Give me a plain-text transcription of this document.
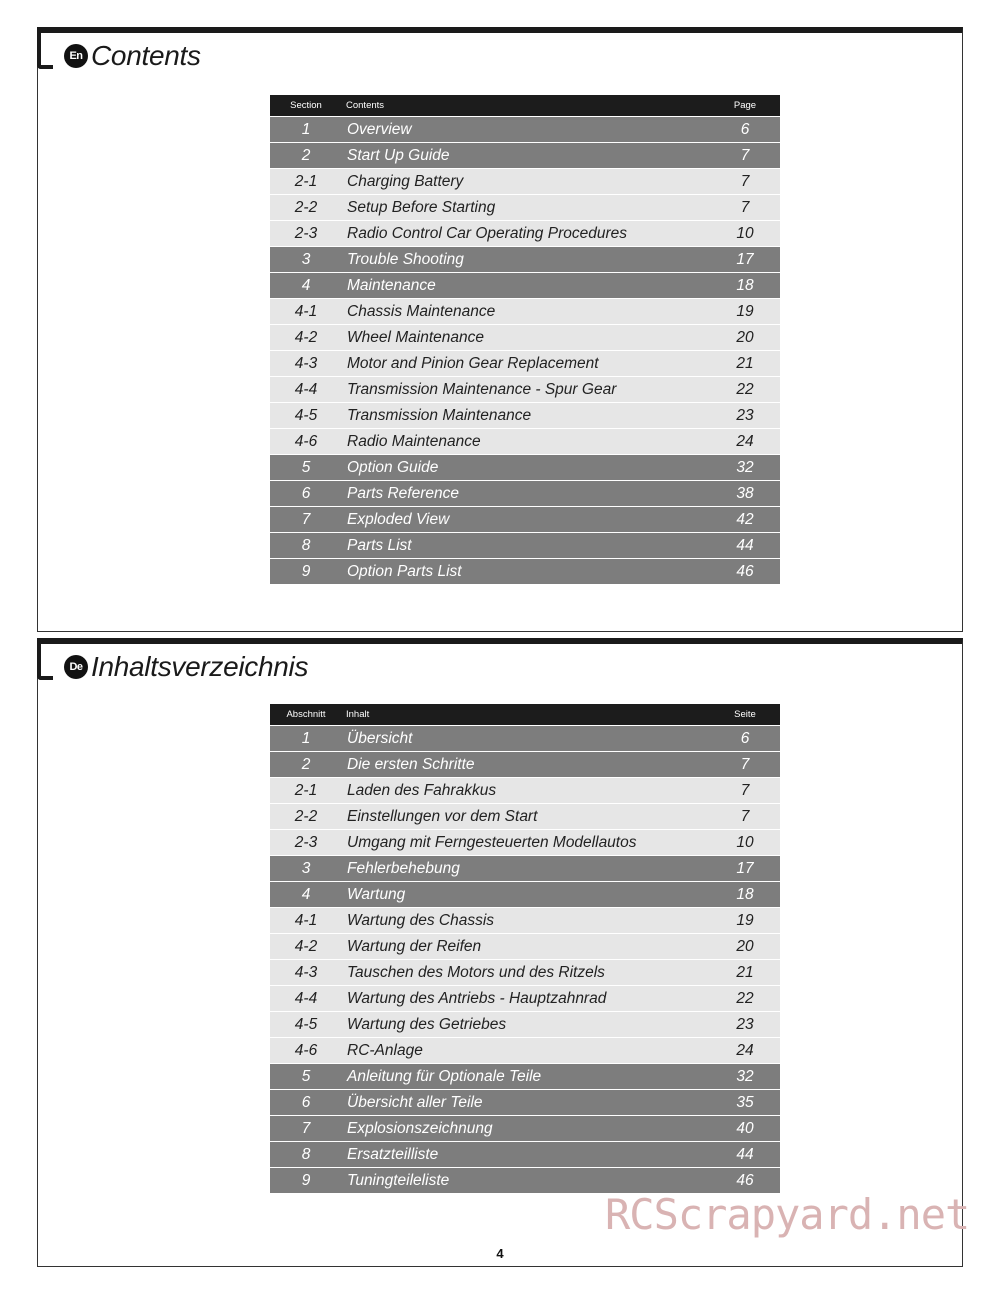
En Contents
Section	Contents	Page
1	Overview	6
2	Start Up Guide	7
2-1	Charging Battery	7
2-2	Setup Before Starting	7
2-3	Radio Control Car Operating Procedures	10
3	Trouble Shooting	17
4	Maintenance	18
4-1	Chassis Maintenance	19
4-2	Wheel Maintenance	20
4-3	Motor and Pinion Gear Replacement	21
4-4	Transmission Maintenance - Spur Gear	22
4-5	Transmission Maintenance	23
4-6	Radio Maintenance	24
5	Option Guide	32
6	Parts Reference	38
7	Exploded View	42
8	Parts List	44
9	Option Parts List	46
De Inhaltsverzeichnis
Abschnitt	Inhalt	Seite
1	Übersicht	6
2	Die ersten Schritte	7
2-1	Laden des Fahrakkus	7
2-2	Einstellungen vor dem Start	7
2-3	Umgang mit Ferngesteuerten Modellautos	10
3	Fehlerbehebung	17
4	Wartung	18
4-1	Wartung des Chassis	19
4-2	Wartung der Reifen	20
4-3	Tauschen des Motors und des Ritzels	21
4-4	Wartung des Antriebs - Hauptzahnrad	22
4-5	Wartung des Getriebes	23
4-6	RC-Anlage	24
5	Anleitung für Optionale Teile	32
6	Übersicht aller Teile	35
7	Explosionszeichnung	40
8	Ersatzteilliste	44
9	Tuningteileliste	46
RCScrapyard.net
4
